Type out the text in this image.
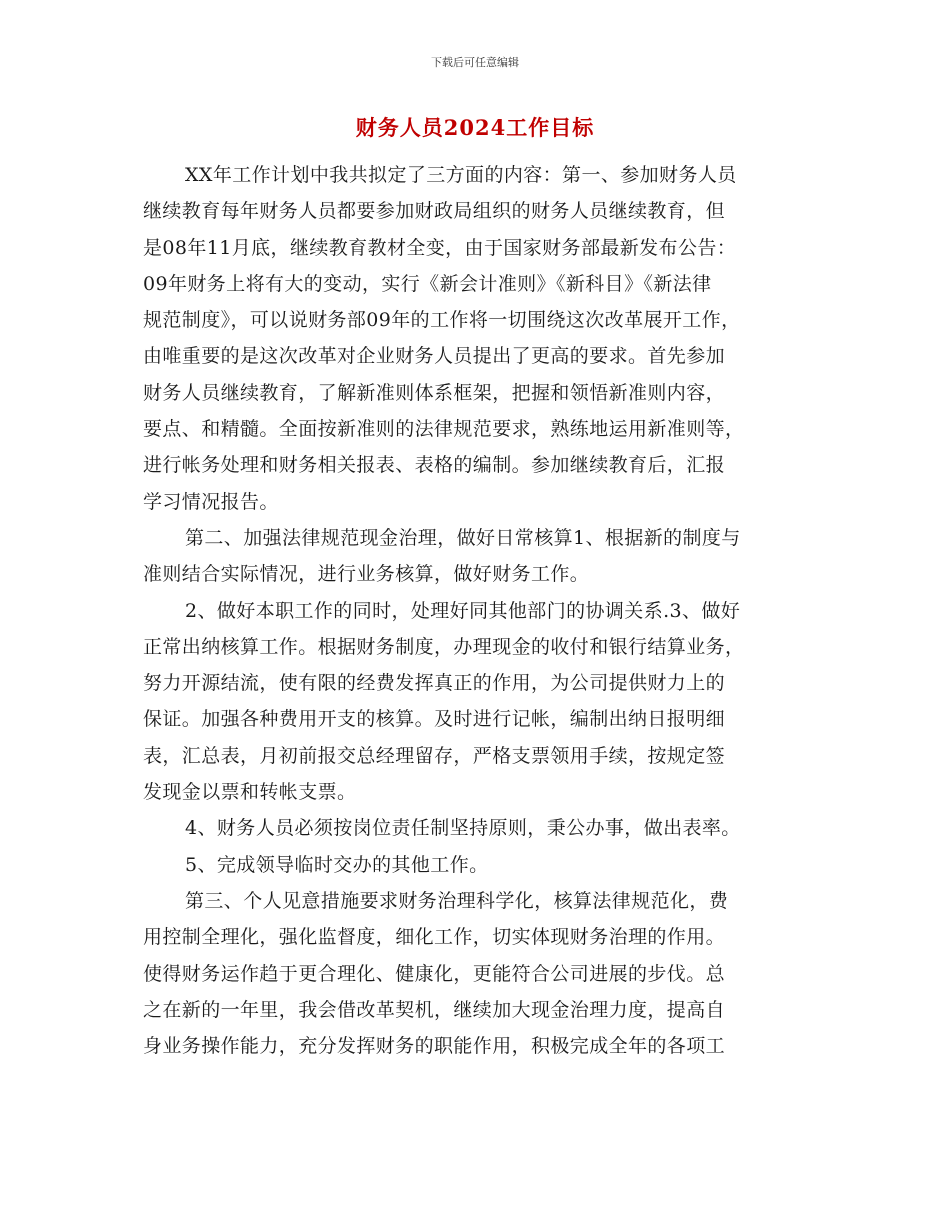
下载后可任意编辑
财务人员2024工作目标
XX年工作计划中我共拟定了三方面的内容：第一、参加财务人员
继续教育每年财务人员都要参加财政局组织的财务人员继续教育，但
是08年11月底，继续教育教材全变，由于国家财务部最新发布公告：
09年财务上将有大的变动，实行《新会计准则》《新科目》《新法律
规范制度》，可以说财务部09年的工作将一切围绕这次改革展开工作，
由唯重要的是这次改革对企业财务人员提出了更高的要求。首先参加
财务人员继续教育，了解新准则体系框架，把握和领悟新准则内容，
要点、和精髓。全面按新准则的法律规范要求，熟练地运用新准则等，
进行帐务处理和财务相关报表、表格的编制。参加继续教育后，汇报
学习情况报告。
第二、加强法律规范现金治理，做好日常核算1、根据新的制度与
准则结合实际情况，进行业务核算，做好财务工作。
2、做好本职工作的同时，处理好同其他部门的协调关系.3、做好
正常出纳核算工作。根据财务制度，办理现金的收付和银行结算业务，
努力开源结流，使有限的经费发挥真正的作用，为公司提供财力上的
保证。加强各种费用开支的核算。及时进行记帐，编制出纳日报明细
表，汇总表，月初前报交总经理留存，严格支票领用手续，按规定签
发现金以票和转帐支票。
4、财务人员必须按岗位责任制坚持原则，秉公办事，做出表率。
5、完成领导临时交办的其他工作。
第三、个人见意措施要求财务治理科学化，核算法律规范化，费
用控制全理化，强化监督度，细化工作，切实体现财务治理的作用。
使得财务运作趋于更合理化、健康化，更能符合公司进展的步伐。总
之在新的一年里，我会借改革契机，继续加大现金治理力度，提高自
身业务操作能力，充分发挥财务的职能作用，积极完成全年的各项工
